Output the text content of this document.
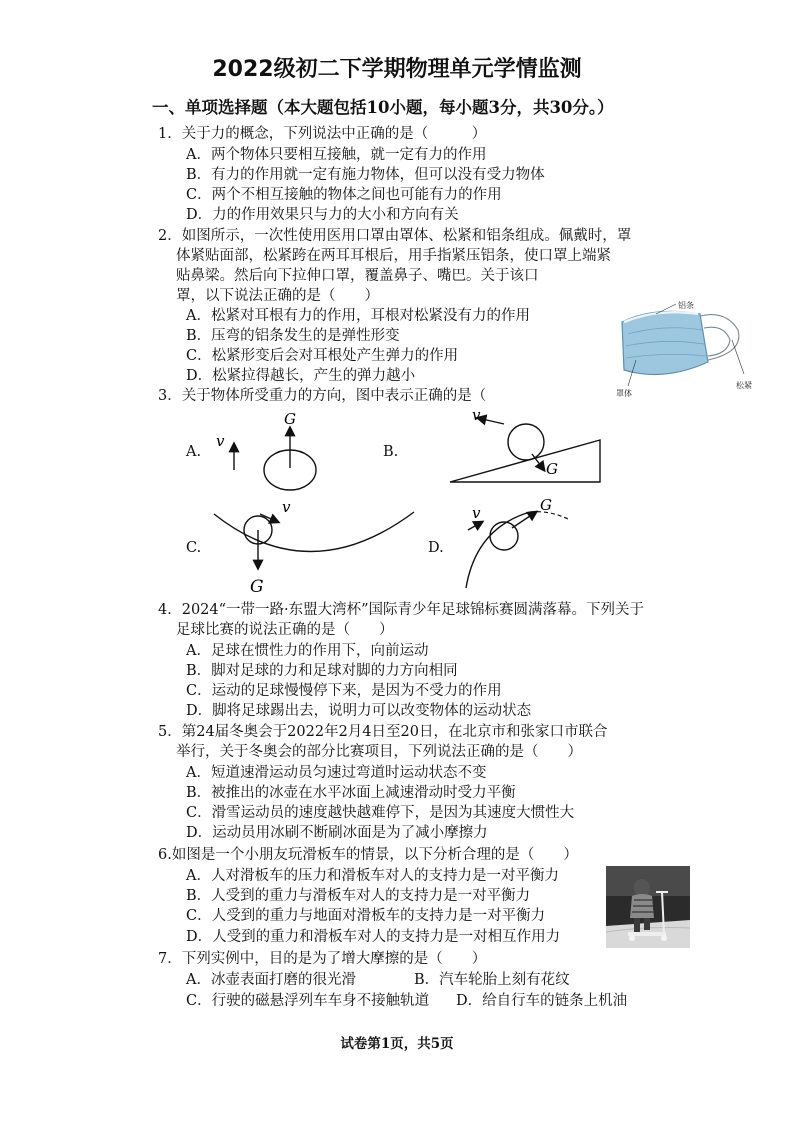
2022级初二下学期物理单元学情监测
一、单项选择题（本大题包括10小题，每小题3分，共30分。）
1．关于力的概念，下列说法中正确的是（　　　）
A．两个物体只要相互接触，就一定有力的作用
B．有力的作用就一定有施力物体，但可以没有受力物体
C．两个不相互接触的物体之间也可能有力的作用
D．力的作用效果只与力的大小和方向有关
2．如图所示，一次性使用医用口罩由罩体、松紧和铝条组成。佩戴时，罩
体紧贴面部，松紧跨在两耳耳根后，用手指紧压铝条，使口罩上端紧
贴鼻梁。然后向下拉伸口罩，覆盖鼻子、嘴巴。关于该口
罩，以下说法正确的是（　　）
A．松紧对耳根有力的作用，耳根对松紧没有力的作用
B．压弯的铝条发生的是弹性形变
C．松紧形变后会对耳根处产生弹力的作用
D．松紧拉得越长，产生的弹力越小
铝条
松紧
罩体
3．关于物体所受重力的方向，图中表示正确的是（
A.	B.
C.	D.
v
G
G
v
G
v	G
v
4．2024“一带一路·东盟大湾杯”国际青少年足球锦标赛圆满落幕。下列关于
足球比赛的说法正确的是（　　）
A．足球在惯性力的作用下，向前运动
B．脚对足球的力和足球对脚的力方向相同
C．运动的足球慢慢停下来，是因为不受力的作用
D．脚将足球踢出去，说明力可以改变物体的运动状态
5．第24届冬奥会于2022年2月4日至20日，在北京市和张家口市联合
举行，关于冬奥会的部分比赛项目，下列说法正确的是（　　）
A．短道速滑运动员匀速过弯道时运动状态不变
B．被推出的冰壶在水平冰面上减速滑动时受力平衡
C．滑雪运动员的速度越快越难停下，是因为其速度大惯性大
D．运动员用冰刷不断刷冰面是为了减小摩擦力
6.如图是一个小朋友玩滑板车的情景，以下分析合理的是（　　）
A．人对滑板车的压力和滑板车对人的支持力是一对平衡力
B．人受到的重力与滑板车对人的支持力是一对平衡力
C．人受到的重力与地面对滑板车的支持力是一对平衡力
D．人受到的重力和滑板车对人的支持力是一对相互作用力
7．下列实例中，目的是为了增大摩擦的是（　　）
A．冰壶表面打磨的很光滑	B．汽车轮胎上刻有花纹
C．行驶的磁悬浮列车车身不接触轨道 D．给自行车的链条上机油
试卷第1页，共5页
